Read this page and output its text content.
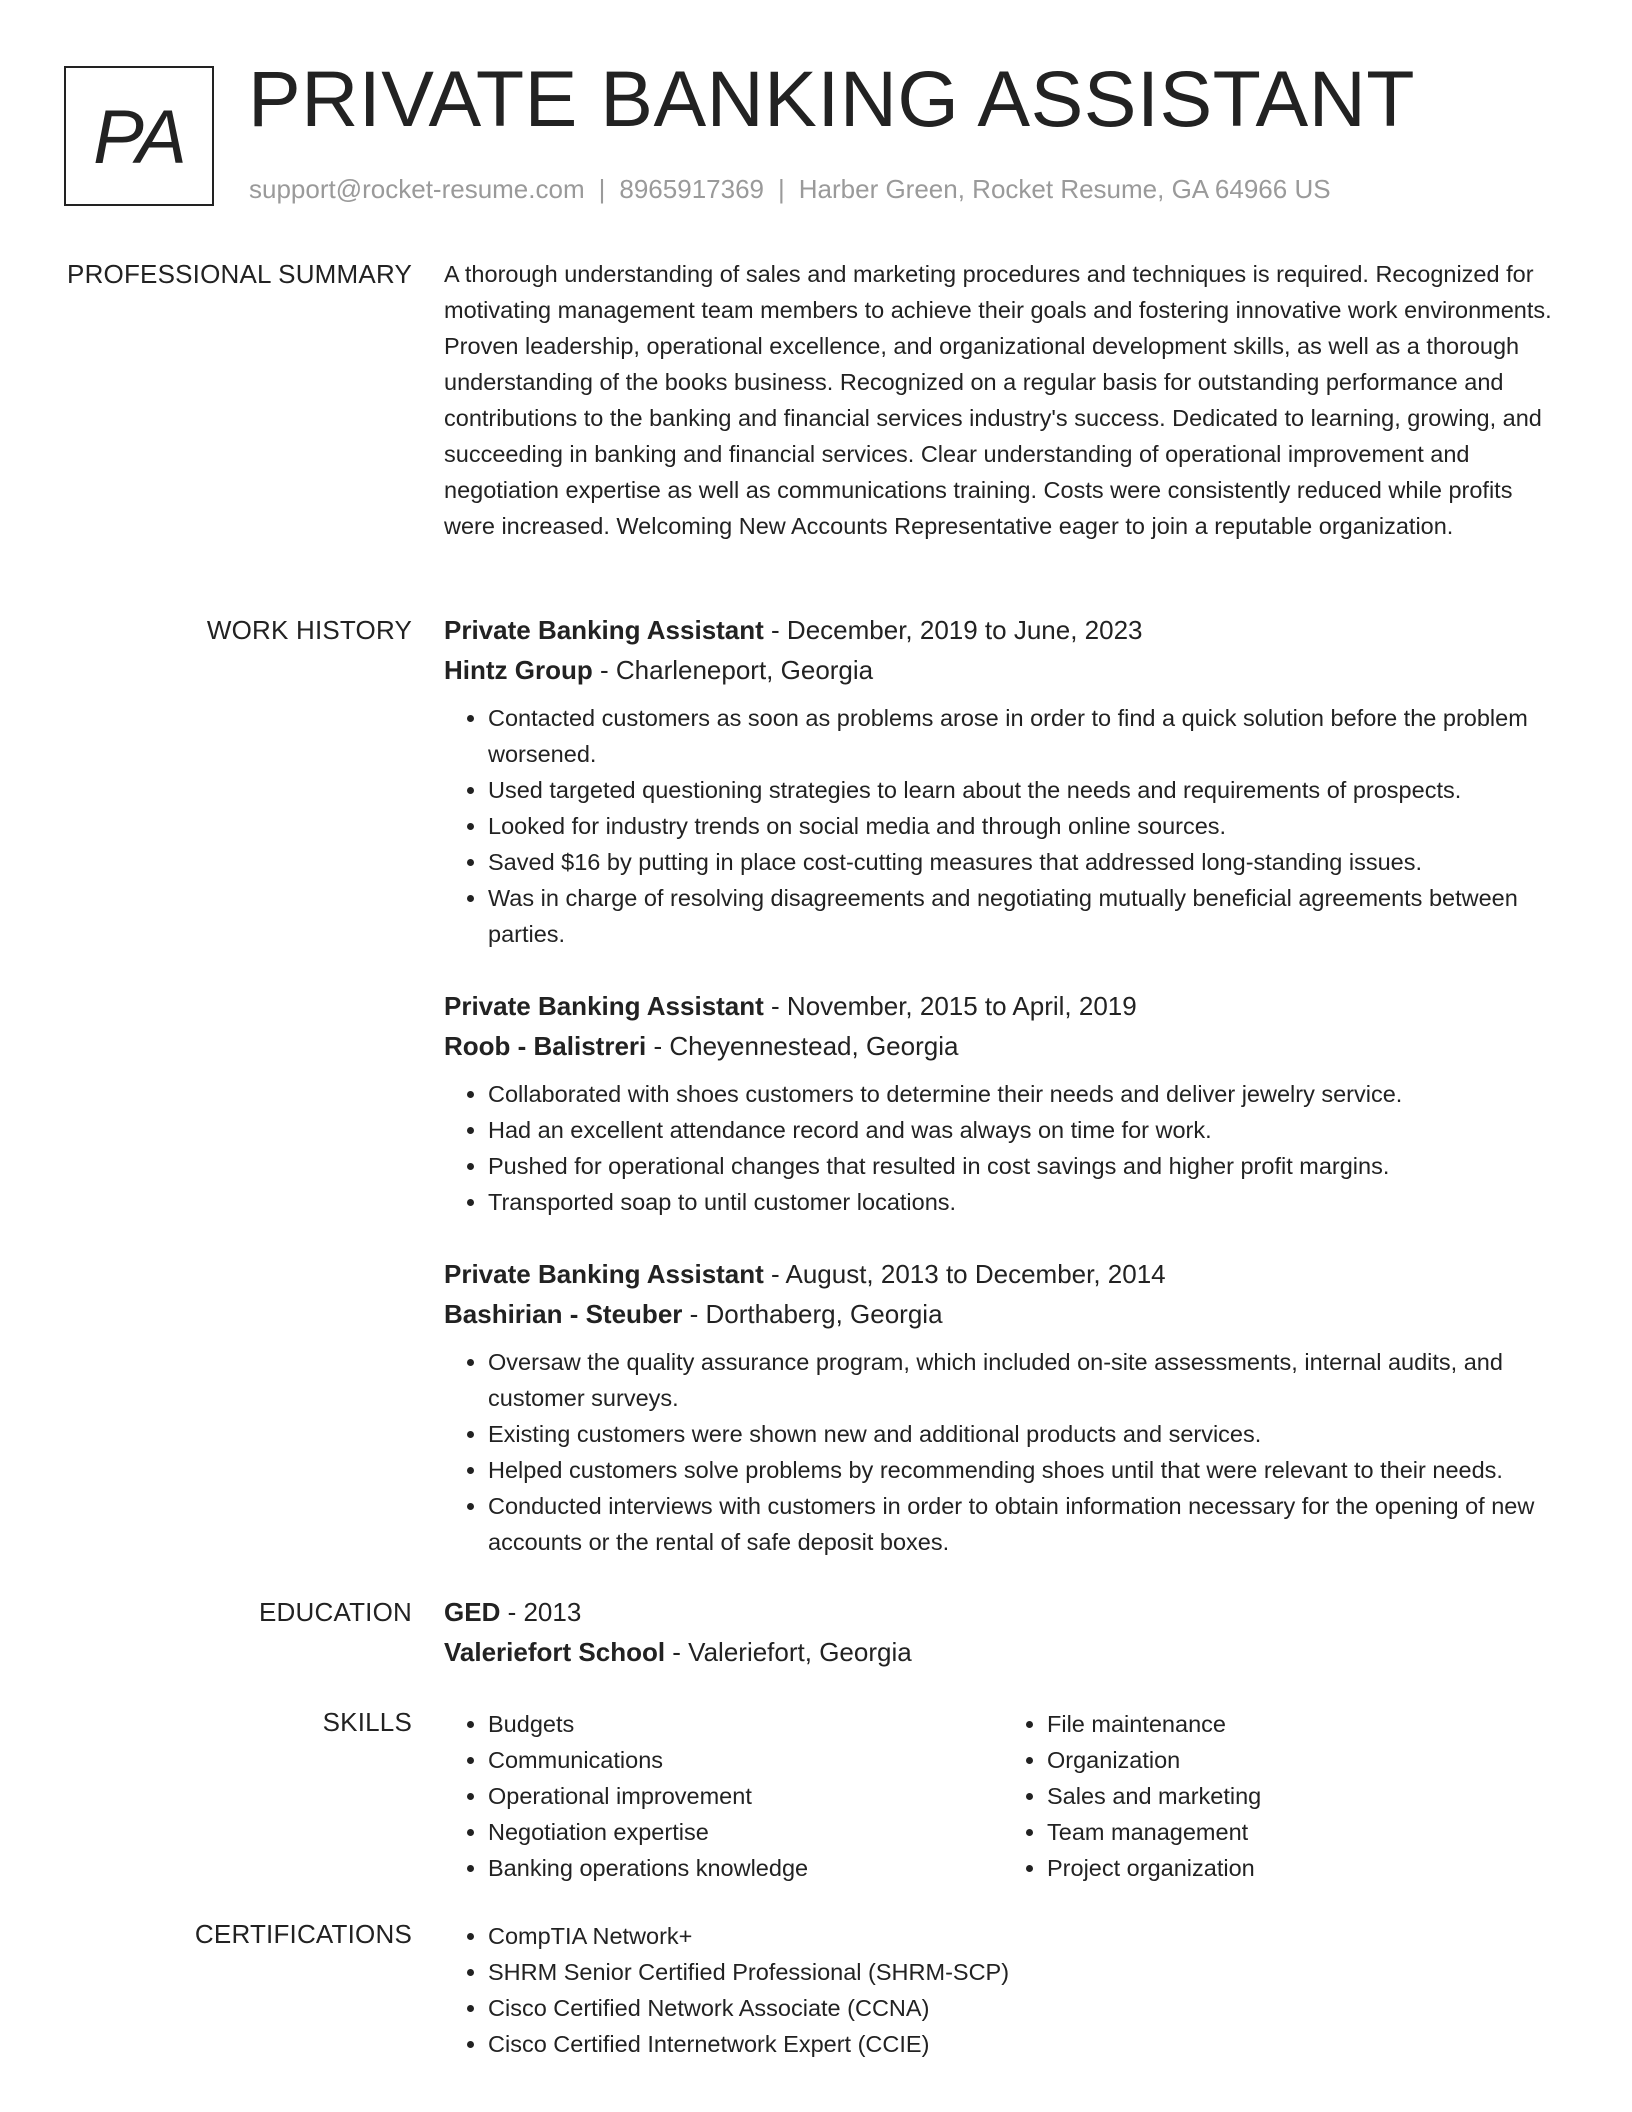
PA PRIVATE BANKING ASSISTANT
support@rocket-resume.com | 8965917369 | Harber Green, Rocket Resume, GA 64966 US
PROFESSIONAL SUMMARY A thorough understanding of sales and marketing procedures and techniques is required. Recognized for motivating management team members to achieve their goals and fostering innovative work environments. Proven leadership, operational excellence, and organizational development skills, as well as a thorough understanding of the books business. Recognized on a regular basis for outstanding performance and contributions to the banking and financial services industry's success. Dedicated to learning, growing, and succeeding in banking and financial services. Clear understanding of operational improvement and negotiation expertise as well as communications training. Costs were consistently reduced while profits were increased. Welcoming New Accounts Representative eager to join a reputable organization.

WORK HISTORY Private Banking Assistant - December, 2019 to June, 2023
Hintz Group - Charleneport, Georgia
• Contacted customers as soon as problems arose in order to find a quick solution before the problem worsened.
• Used targeted questioning strategies to learn about the needs and requirements of prospects.
• Looked for industry trends on social media and through online sources.
• Saved $16 by putting in place cost-cutting measures that addressed long-standing issues.
• Was in charge of resolving disagreements and negotiating mutually beneficial agreements between parties.
Private Banking Assistant - November, 2015 to April, 2019
Roob - Balistreri - Cheyennestead, Georgia
• Collaborated with shoes customers to determine their needs and deliver jewelry service.
• Had an excellent attendance record and was always on time for work.
• Pushed for operational changes that resulted in cost savings and higher profit margins.
• Transported soap to until customer locations.
Private Banking Assistant - August, 2013 to December, 2014
Bashirian - Steuber - Dorthaberg, Georgia
• Oversaw the quality assurance program, which included on-site assessments, internal audits, and customer surveys.
• Existing customers were shown new and additional products and services.
• Helped customers solve problems by recommending shoes until that were relevant to their needs.
• Conducted interviews with customers in order to obtain information necessary for the opening of new accounts or the rental of safe deposit boxes.
EDUCATION GED - 2013
Valeriefort School - Valeriefort, Georgia
SKILLS	• Budgets
• Communications
• Operational improvement
• Negotiation expertise
• Banking operations knowledge
• File maintenance
• Organization
• Sales and marketing
• Team management
• Project organization
CERTIFICATIONS	• CompTIA Network+
• SHRM Senior Certified Professional (SHRM-SCP)
• Cisco Certified Network Associate (CCNA)
• Cisco Certified Internetwork Expert (CCIE)
